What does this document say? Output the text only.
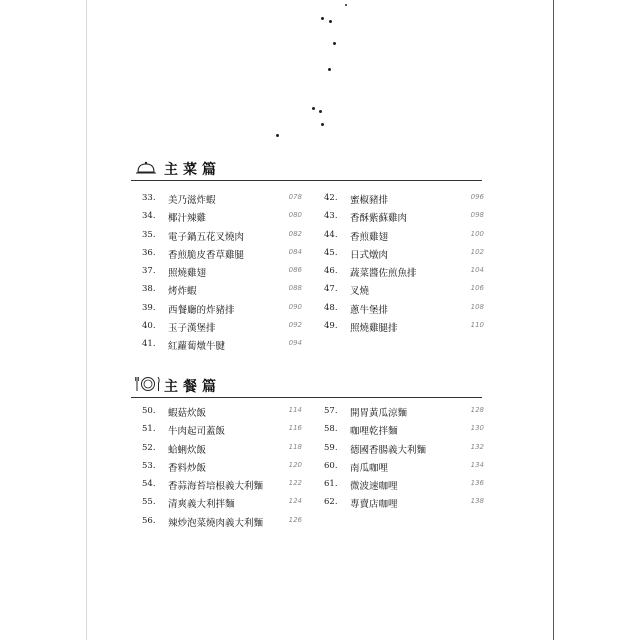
主菜篇
33.	美乃滋炸蝦	078
34.	椰汁辣雞	080
35.	電子鍋五花叉燒肉	082
36.	香煎脆皮香草雞腿	084
37.	照燒雞翅	086
38.	烤炸蝦	088
39.	西餐廳的炸豬排	090
40.	玉子漢堡排	092
41.	紅蘿蔔燉牛腱	094
42.	蜜椒豬排	096
43.	香酥紫蘇雞肉	098
44.	香煎雞翅	100
45.	日式燉肉	102
46.	蔬菜醬佐煎魚排	104
47.	叉燒	106
48.	蔥牛堡排	108
49.	照燒雞腿排	110
主餐篇
50.	蝦菇炊飯	114
51.	牛肉起司蓋飯	116
52.	蛤蜊炊飯	118
53.	香料炒飯	120
54.	香蒜海苔培根義大利麵	122
55.	清爽義大利拌麵	124
56.	辣炒泡菜燒肉義大利麵	126
57.	開胃黃瓜涼麵	128
58.	咖哩乾拌麵	130
59.	德國香腸義大利麵	132
60.	南瓜咖哩	134
61.	微波速咖哩	136
62.	專賣店咖哩	138
